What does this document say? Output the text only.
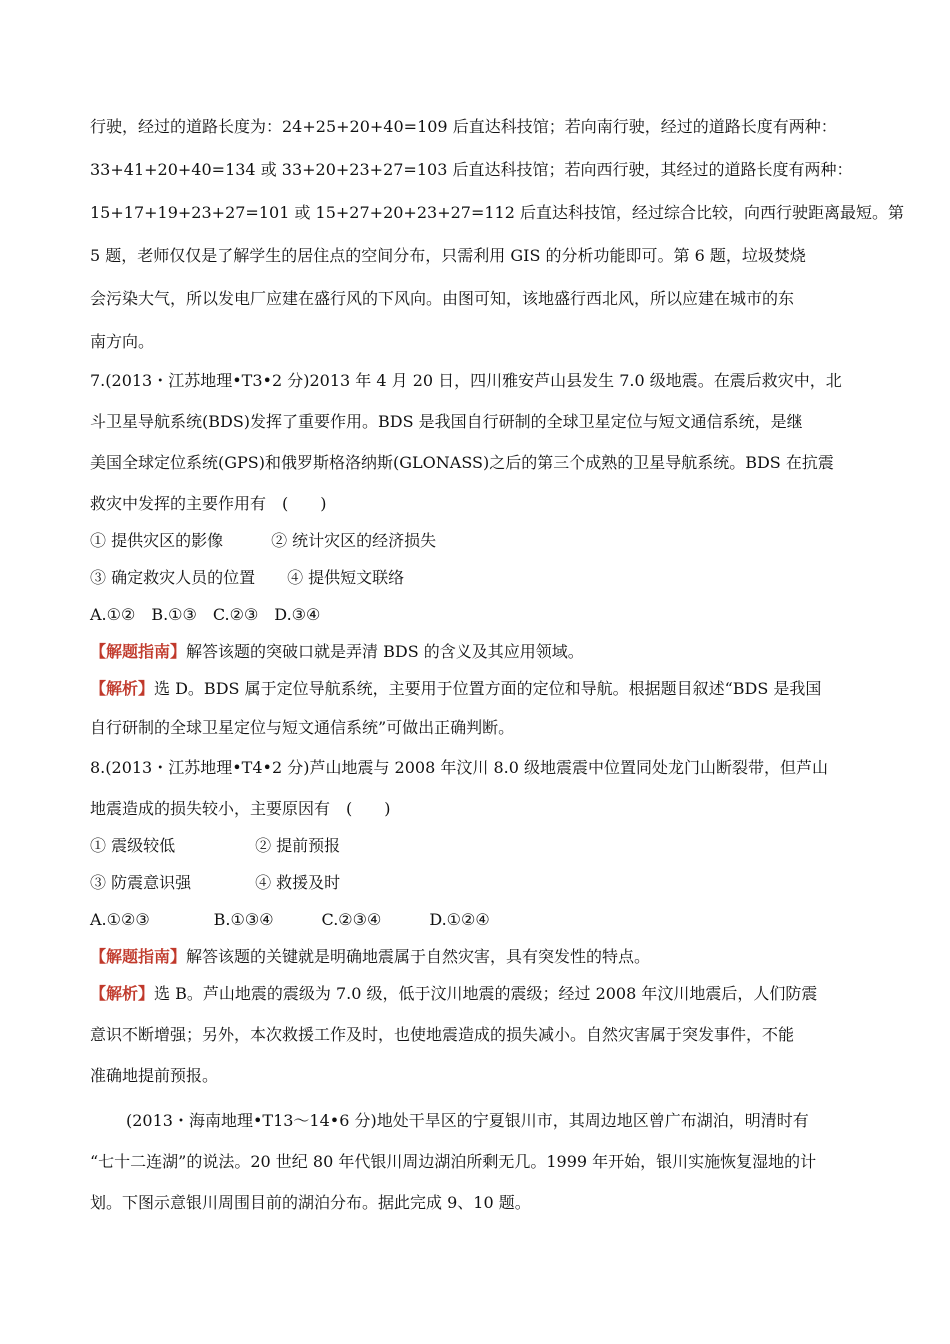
行驶，经过的道路长度为：24+25+20+40=109 后直达科技馆；若向南行驶，经过的道路长度有两种：

33+41+20+40=134 或 33+20+23+27=103 后直达科技馆；若向西行驶，其经过的道路长度有两种：

15+17+19+23+27=101 或 15+27+20+23+27=112 后直达科技馆，经过综合比较，向西行驶距离最短。第

5 题，老师仅仅是了解学生的居住点的空间分布，只需利用 GIS 的分析功能即可。第 6 题，垃圾焚烧

会污染大气，所以发电厂应建在盛行风的下风向。由图可知，该地盛行西北风，所以应建在城市的东

南方向。

7.(2013・江苏地理•T3•2 分)2013 年 4 月 20 日，四川雅安芦山县发生 7.0 级地震。在震后救灾中，北

斗卫星导航系统(BDS)发挥了重要作用。BDS 是我国自行研制的全球卫星定位与短文通信系统，是继

美国全球定位系统(GPS)和俄罗斯格洛纳斯(GLONASS)之后的第三个成熟的卫星导航系统。BDS 在抗震

救灾中发挥的主要作用有　(　　)

① 提供灾区的影像　　　② 统计灾区的经济损失

③ 确定救灾人员的位置　　④ 提供短文联络

A.①②　B.①③　C.②③　D.③④

【解题指南】解答该题的突破口就是弄清 BDS 的含义及其应用领域。

【解析】选 D。BDS 属于定位导航系统，主要用于位置方面的定位和导航。根据题目叙述“BDS 是我国

自行研制的全球卫星定位与短文通信系统”可做出正确判断。

8.(2013・江苏地理•T4•2 分)芦山地震与 2008 年汶川 8.0 级地震震中位置同处龙门山断裂带，但芦山

地震造成的损失较小，主要原因有　(　　)

① 震级较低　　　　　② 提前预报

③ 防震意识强　　　　④ 救援及时

A.①②③　　　　B.①③④　　　C.②③④　　　D.①②④

【解题指南】解答该题的关键就是明确地震属于自然灾害，具有突发性的特点。

【解析】选 B。芦山地震的震级为 7.0 级，低于汶川地震的震级；经过 2008 年汶川地震后，人们防震

意识不断增强；另外，本次救援工作及时，也使地震造成的损失减小。自然灾害属于突发事件，不能

准确地提前预报。

(2013・海南地理•T13～14•6 分)地处干旱区的宁夏银川市，其周边地区曾广布湖泊，明清时有

“七十二连湖”的说法。20 世纪 80 年代银川周边湖泊所剩无几。1999 年开始，银川实施恢复湿地的计

划。下图示意银川周围目前的湖泊分布。据此完成 9、10 题。
